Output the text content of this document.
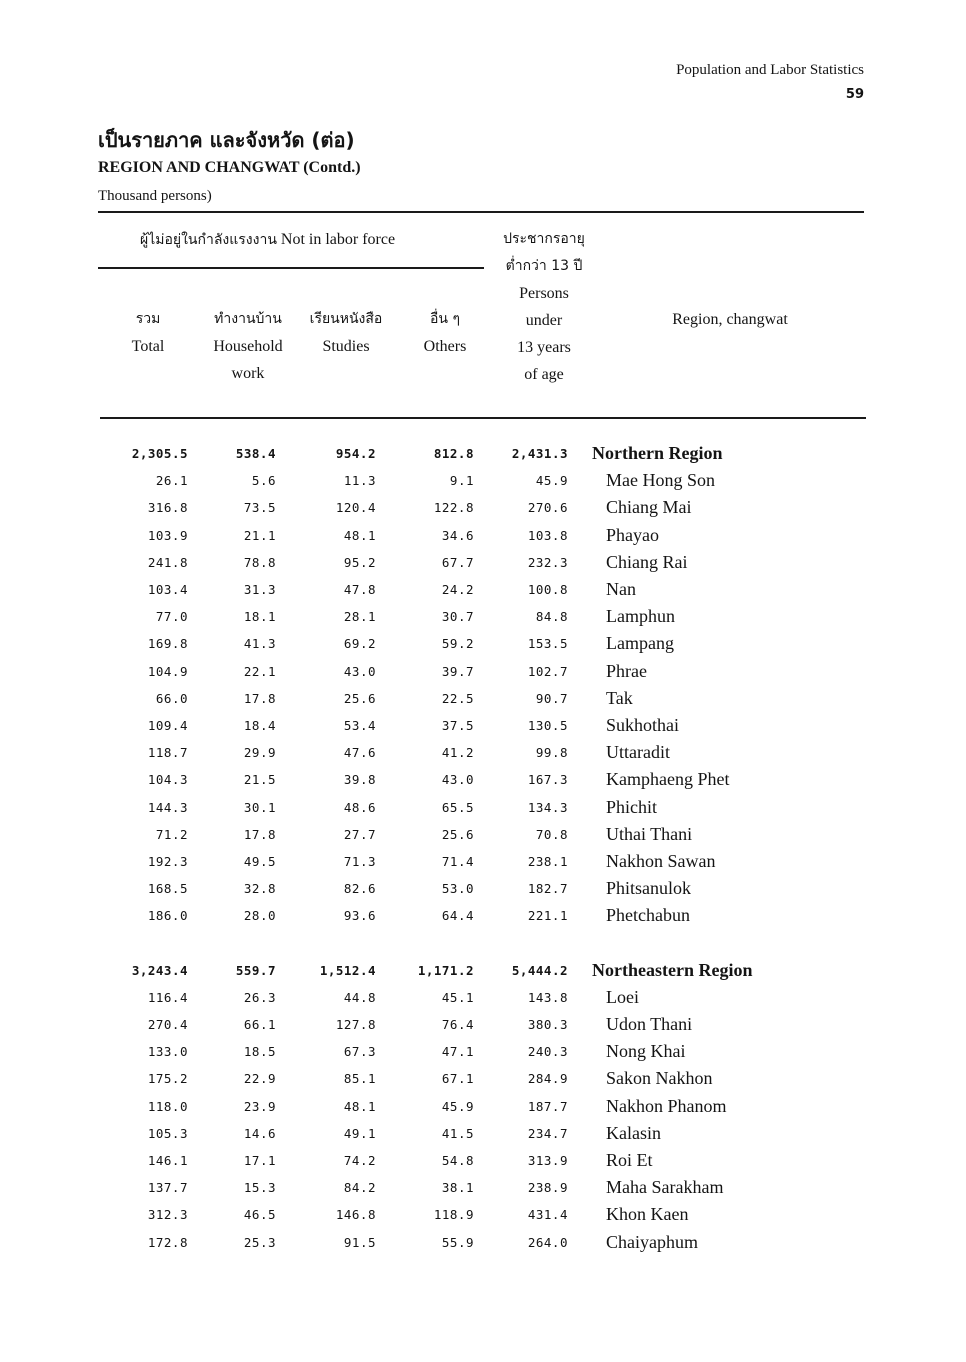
Population and Labor Statistics
59
เป็นรายภาค และจังหวัด (ต่อ)
REGION AND CHANGWAT (Contd.)
Thousand persons)
ผู้ไม่อยู่ในกำลังแรงงาน Not in labor force
รวม
Total
ทำงานบ้าน
Household
work
เรียนหนังสือ
Studies
อื่น ๆ
Others
ประชากรอายุ
ต่ำกว่า 13 ปี
Persons
under
13 years
of age
Region, changwat
2,305.5	538.4	954.2	812.8	2,431.3	Northern Region
26.1	5.6	11.3	9.1	45.9	Mae Hong Son
316.8	73.5	120.4	122.8	270.6	Chiang Mai
103.9	21.1	48.1	34.6	103.8	Phayao
241.8	78.8	95.2	67.7	232.3	Chiang Rai
103.4	31.3	47.8	24.2	100.8	Nan
77.0	18.1	28.1	30.7	84.8	Lamphun
169.8	41.3	69.2	59.2	153.5	Lampang
104.9	22.1	43.0	39.7	102.7	Phrae
66.0	17.8	25.6	22.5	90.7	Tak
109.4	18.4	53.4	37.5	130.5	Sukhothai
118.7	29.9	47.6	41.2	99.8	Uttaradit
104.3	21.5	39.8	43.0	167.3	Kamphaeng Phet
144.3	30.1	48.6	65.5	134.3	Phichit
71.2	17.8	27.7	25.6	70.8	Uthai Thani
192.3	49.5	71.3	71.4	238.1	Nakhon Sawan
168.5	32.8	82.6	53.0	182.7	Phitsanulok
186.0	28.0	93.6	64.4	221.1	Phetchabun

3,243.4	559.7	1,512.4	1,171.2	5,444.2	Northeastern Region
116.4	26.3	44.8	45.1	143.8	Loei
270.4	66.1	127.8	76.4	380.3	Udon Thani
133.0	18.5	67.3	47.1	240.3	Nong Khai
175.2	22.9	85.1	67.1	284.9	Sakon Nakhon
118.0	23.9	48.1	45.9	187.7	Nakhon Phanom
105.3	14.6	49.1	41.5	234.7	Kalasin
146.1	17.1	74.2	54.8	313.9	Roi Et
137.7	15.3	84.2	38.1	238.9	Maha Sarakham
312.3	46.5	146.8	118.9	431.4	Khon Kaen
172.8	25.3	91.5	55.9	264.0	Chaiyaphum
